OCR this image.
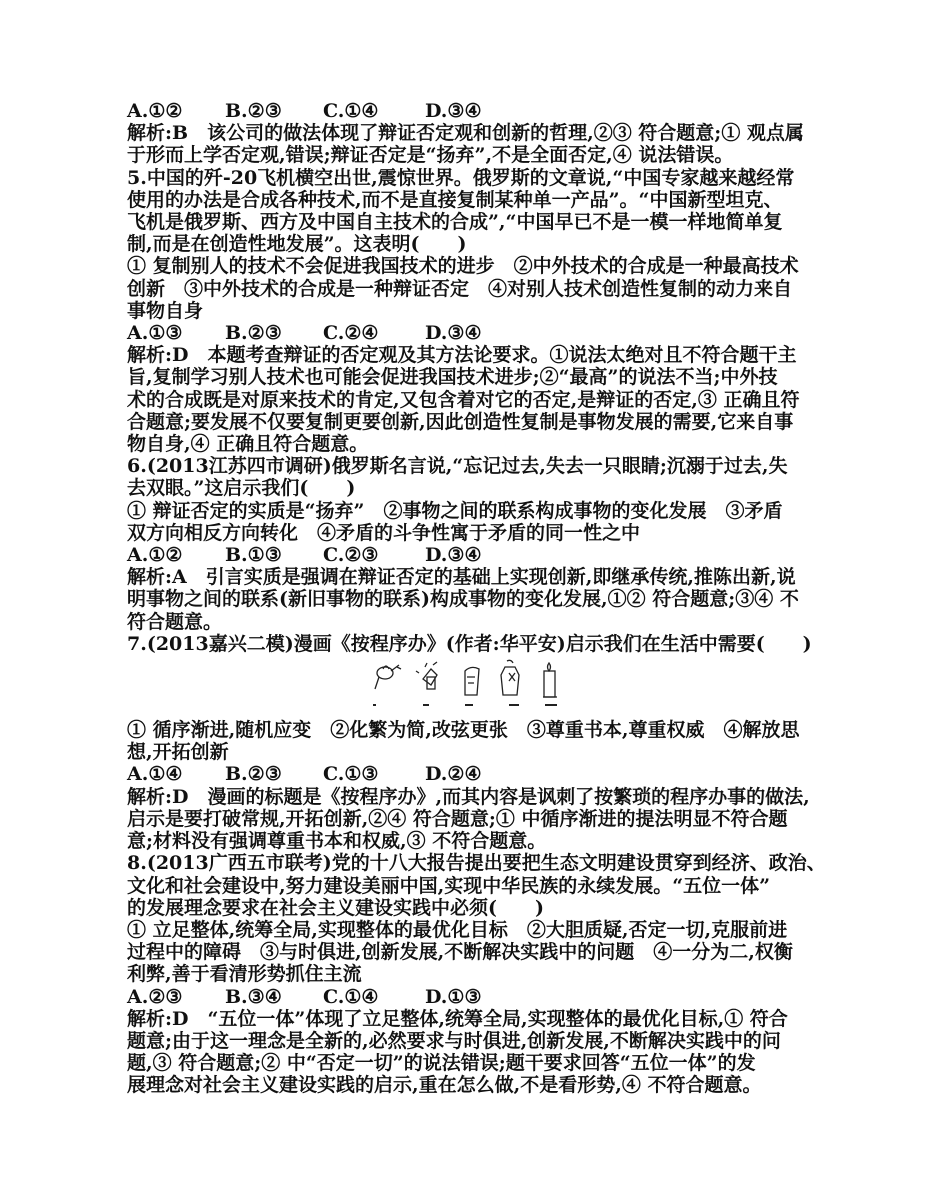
A.①②	B.②③	C.①④	D.③④
解析:B　该公司的做法体现了辩证否定观和创新的哲理,②③ 符合题意;① 观点属
于形而上学否定观,错误;辩证否定是“扬弃”,不是全面否定,④ 说法错误。
5.中国的歼-20飞机横空出世,震惊世界。俄罗斯的文章说,“中国专家越来越经常
使用的办法是合成各种技术,而不是直接复制某种单一产品”。“中国新型坦克、
飞机是俄罗斯、西方及中国自主技术的合成”,“中国早已不是一模一样地简单复
制,而是在创造性地发展”。这表明(　　)
① 复制别人的技术不会促进我国技术的进步　②中外技术的合成是一种最高技术
创新　③中外技术的合成是一种辩证否定　④对别人技术创造性复制的动力来自
事物自身
A.①③	B.②③	C.②④	D.③④
解析:D　本题考查辩证的否定观及其方法论要求。①说法太绝对且不符合题干主
旨,复制学习别人技术也可能会促进我国技术进步;②“最高”的说法不当;中外技
术的合成既是对原来技术的肯定,又包含着对它的否定,是辩证的否定,③ 正确且符
合题意;要发展不仅要复制更要创新,因此创造性复制是事物发展的需要,它来自事
物自身,④ 正确且符合题意。
6.(2013江苏四市调研)俄罗斯名言说,“忘记过去,失去一只眼睛;沉溺于过去,失
去双眼。”这启示我们(　　)
① 辩证否定的实质是“扬弃”　②事物之间的联系构成事物的变化发展　③矛盾
双方向相反方向转化　④矛盾的斗争性寓于矛盾的同一性之中
A.①②	B.①③	C.②③	D.③④
解析:A　引言实质是强调在辩证否定的基础上实现创新,即继承传统,推陈出新,说
明事物之间的联系(新旧事物的联系)构成事物的变化发展,①② 符合题意;③④ 不
符合题意。
7.(2013嘉兴二模)漫画《按程序办》(作者:华平安)启示我们在生活中需要(　　)
① 循序渐进,随机应变　②化繁为简,改弦更张　③尊重书本,尊重权威　④解放思
想,开拓创新
A.①④	B.②③	C.①③	D.②④
解析:D　漫画的标题是《按程序办》,而其内容是讽刺了按繁琐的程序办事的做法,
启示是要打破常规,开拓创新,②④ 符合题意;① 中循序渐进的提法明显不符合题
意;材料没有强调尊重书本和权威,③ 不符合题意。
8.(2013广西五市联考)党的十八大报告提出要把生态文明建设贯穿到经济、政治、
文化和社会建设中,努力建设美丽中国,实现中华民族的永续发展。“五位一体”
的发展理念要求在社会主义建设实践中必须(　　)
① 立足整体,统筹全局,实现整体的最优化目标　②大胆质疑,否定一切,克服前进
过程中的障碍　③与时俱进,创新发展,不断解决实践中的问题　④一分为二,权衡
利弊,善于看清形势抓住主流
A.②③	B.③④	C.①④	D.①③
解析:D　“五位一体”体现了立足整体,统筹全局,实现整体的最优化目标,① 符合
题意;由于这一理念是全新的,必然要求与时俱进,创新发展,不断解决实践中的问
题,③ 符合题意;② 中“否定一切”的说法错误;题干要求回答“五位一体”的发
展理念对社会主义建设实践的启示,重在怎么做,不是看形势,④ 不符合题意。
